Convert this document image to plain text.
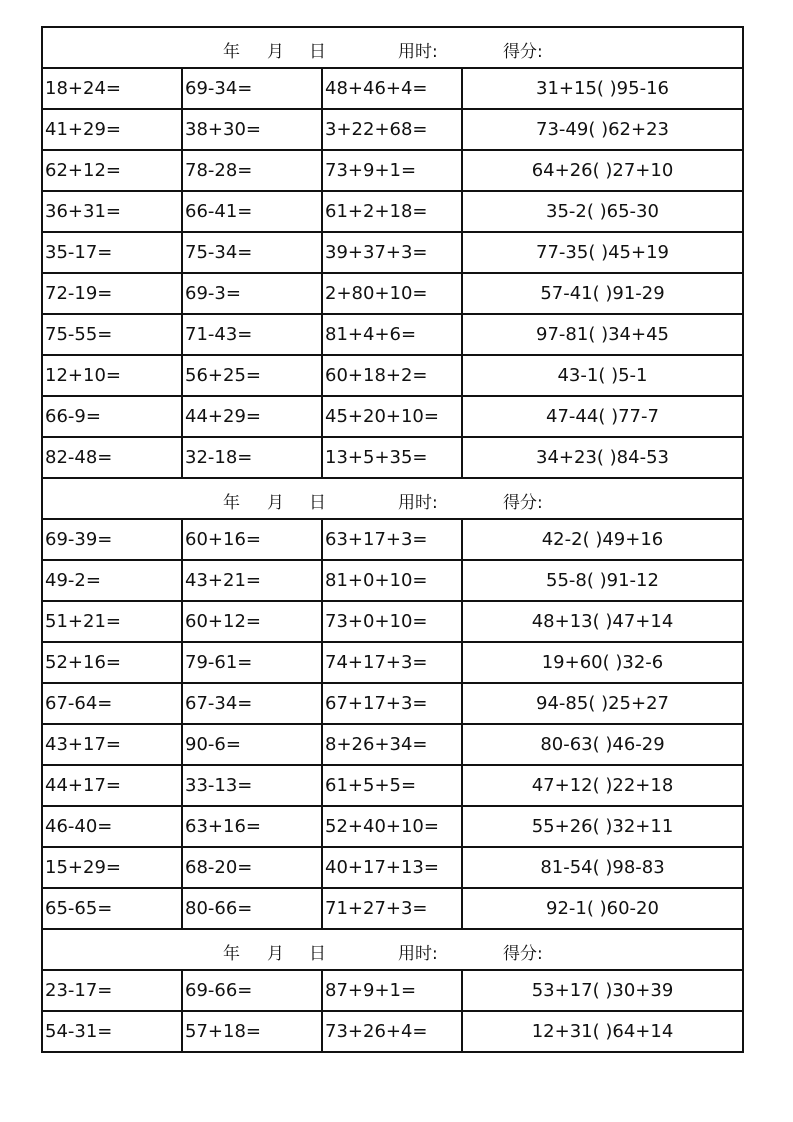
年 月 日 用时: 得分:			

18+24=	69-34=	48+46+4=	31+15( )95-16
41+29=	38+30=	3+22+68=	73-49( )62+23
62+12=	78-28=	73+9+1=	64+26( )27+10
36+31=	66-41=	61+2+18=	35-2( )65-30
35-17=	75-34=	39+37+3=	77-35( )45+19
72-19=	69-3=	2+80+10=	57-41( )91-29
75-55=	71-43=	81+4+6=	97-81( )34+45
12+10=	56+25=	60+18+2=	43-1( )5-1
66-9=	44+29=	45+20+10=	47-44( )77-7
82-48=	32-18=	13+5+35=	34+23( )84-53

年 月 日 用时: 得分:			

69-39=	60+16=	63+17+3=	42-2( )49+16
49-2=	43+21=	81+0+10=	55-8( )91-12
51+21=	60+12=	73+0+10=	48+13( )47+14
52+16=	79-61=	74+17+3=	19+60( )32-6
67-64=	67-34=	67+17+3=	94-85( )25+27
43+17=	90-6=	8+26+34=	80-63( )46-29
44+17=	33-13=	61+5+5=	47+12( )22+18
46-40=	63+16=	52+40+10=	55+26( )32+11
15+29=	68-20=	40+17+13=	81-54( )98-83
65-65=	80-66=	71+27+3=	92-1( )60-20

年 月 日 用时: 得分:			

23-17=	69-66=	87+9+1=	53+17( )30+39
54-31=	57+18=	73+26+4=	12+31( )64+14
